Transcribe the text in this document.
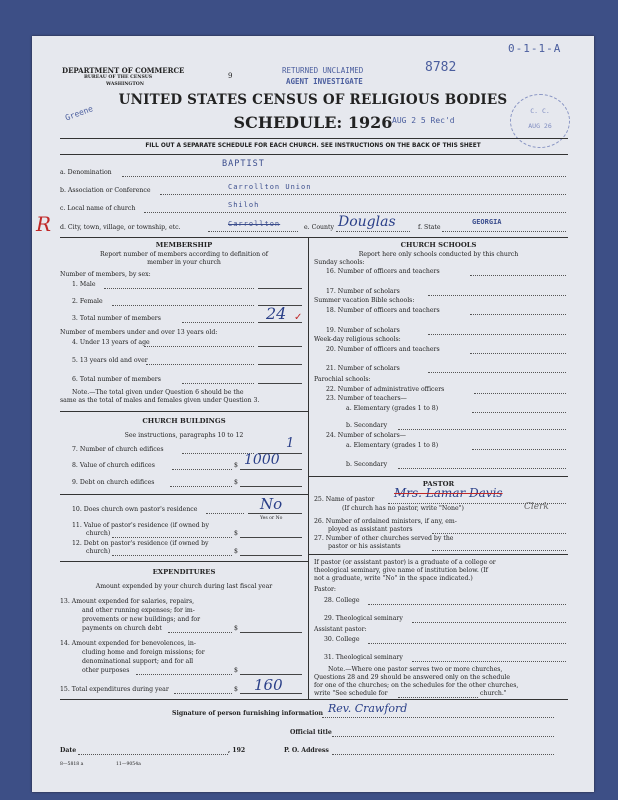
DEPARTMENT OF COMMERCE
BUREAU OF THE CENSUS
WASHINGTON
9
RETURNED UNCLAIMED
AGENT INVESTIGATE
8782
0-1-1-A
Greene
UNITED STATES CENSUS OF RELIGIOUS BODIES
SCHEDULE: 1926 AUG 2 5 Rec'd
C. C.
AUG 26
FILL OUT A SEPARATE SCHEDULE FOR EACH CHURCH. SEE INSTRUCTIONS ON THE BACK OF THIS SHEET
a. Denomination
BAPTIST
b. Association or Conference	Carrollton Union
c. Local name of church	Shiloh
R d. City, town, village, or township, etc.	Carrollton	e. County Douglas	f. State
GEORGIA
MEMBERSHIP
Report number of members according to definition of
member in your church
Number of members, by sex:
1. Male
2. Female
3. Total number of members	24 ✓
Number of members under and over 13 years old:
4. Under 13 years of age
5. 13 years old and over
6. Total number of members
Note.—The total given under Question 6 should be the
same as the total of males and females given under Question 3.
CHURCH BUILDINGS
See instructions, paragraphs 10 to 12
7. Number of church edifices	1
8. Value of church edifices	$ 1000
9. Debt on church edifices	$
10. Does church own pastor's residence	No
Yes or No
11. Value of pastor's residence (if owned by
church)	$
12. Debt on pastor's residence (if owned by
church)	$
EXPENDITURES
Amount expended by your church during last fiscal year
13. Amount expended for salaries, repairs,
and other running expenses; for im-
provements or new buildings; and for
payments on church debt	$
14. Amount expended for benevolences, in-
cluding home and foreign missions; for
denominational support; and for all
other purposes	$
15. Total expenditures during year	$ 160
CHURCH SCHOOLS
Report here only schools conducted by this church
Sunday schools:
16. Number of officers and teachers
17. Number of scholars
Summer vacation Bible schools:
18. Number of officers and teachers
19. Number of scholars
Week-day religious schools:
20. Number of officers and teachers
21. Number of scholars
Parochial schools:
22. Number of administrative officers
23. Number of teachers—
a. Elementary (grades 1 to 8)
b. Secondary
24. Number of scholars—
a. Elementary (grades 1 to 8)
b. Secondary
PASTOR
25. Name of pastor Mrs. Lamar Davis
(If church has no pastor, write "None")	Clerk
26. Number of ordained ministers, if any, em-
ployed as assistant pastors
27. Number of other churches served by the
pastor or his assistants
If pastor (or assistant pastor) is a graduate of a college or
theological seminary, give name of institution below. (If
not a graduate, write "No" in the space indicated.)
Pastor:
28. College
29. Theological seminary
Assistant pastor:
30. College
31. Theological seminary
Note.—Where one pastor serves two or more churches,
Questions 28 and 29 should be answered only on the schedule
for one of the churches; on the schedules for the other churches,
write "See schedule for	church."
Signature of person furnishing information Rev. Crawford
Official title
Date	, 192	P. O. Address
8—5818 a	11—9054a
